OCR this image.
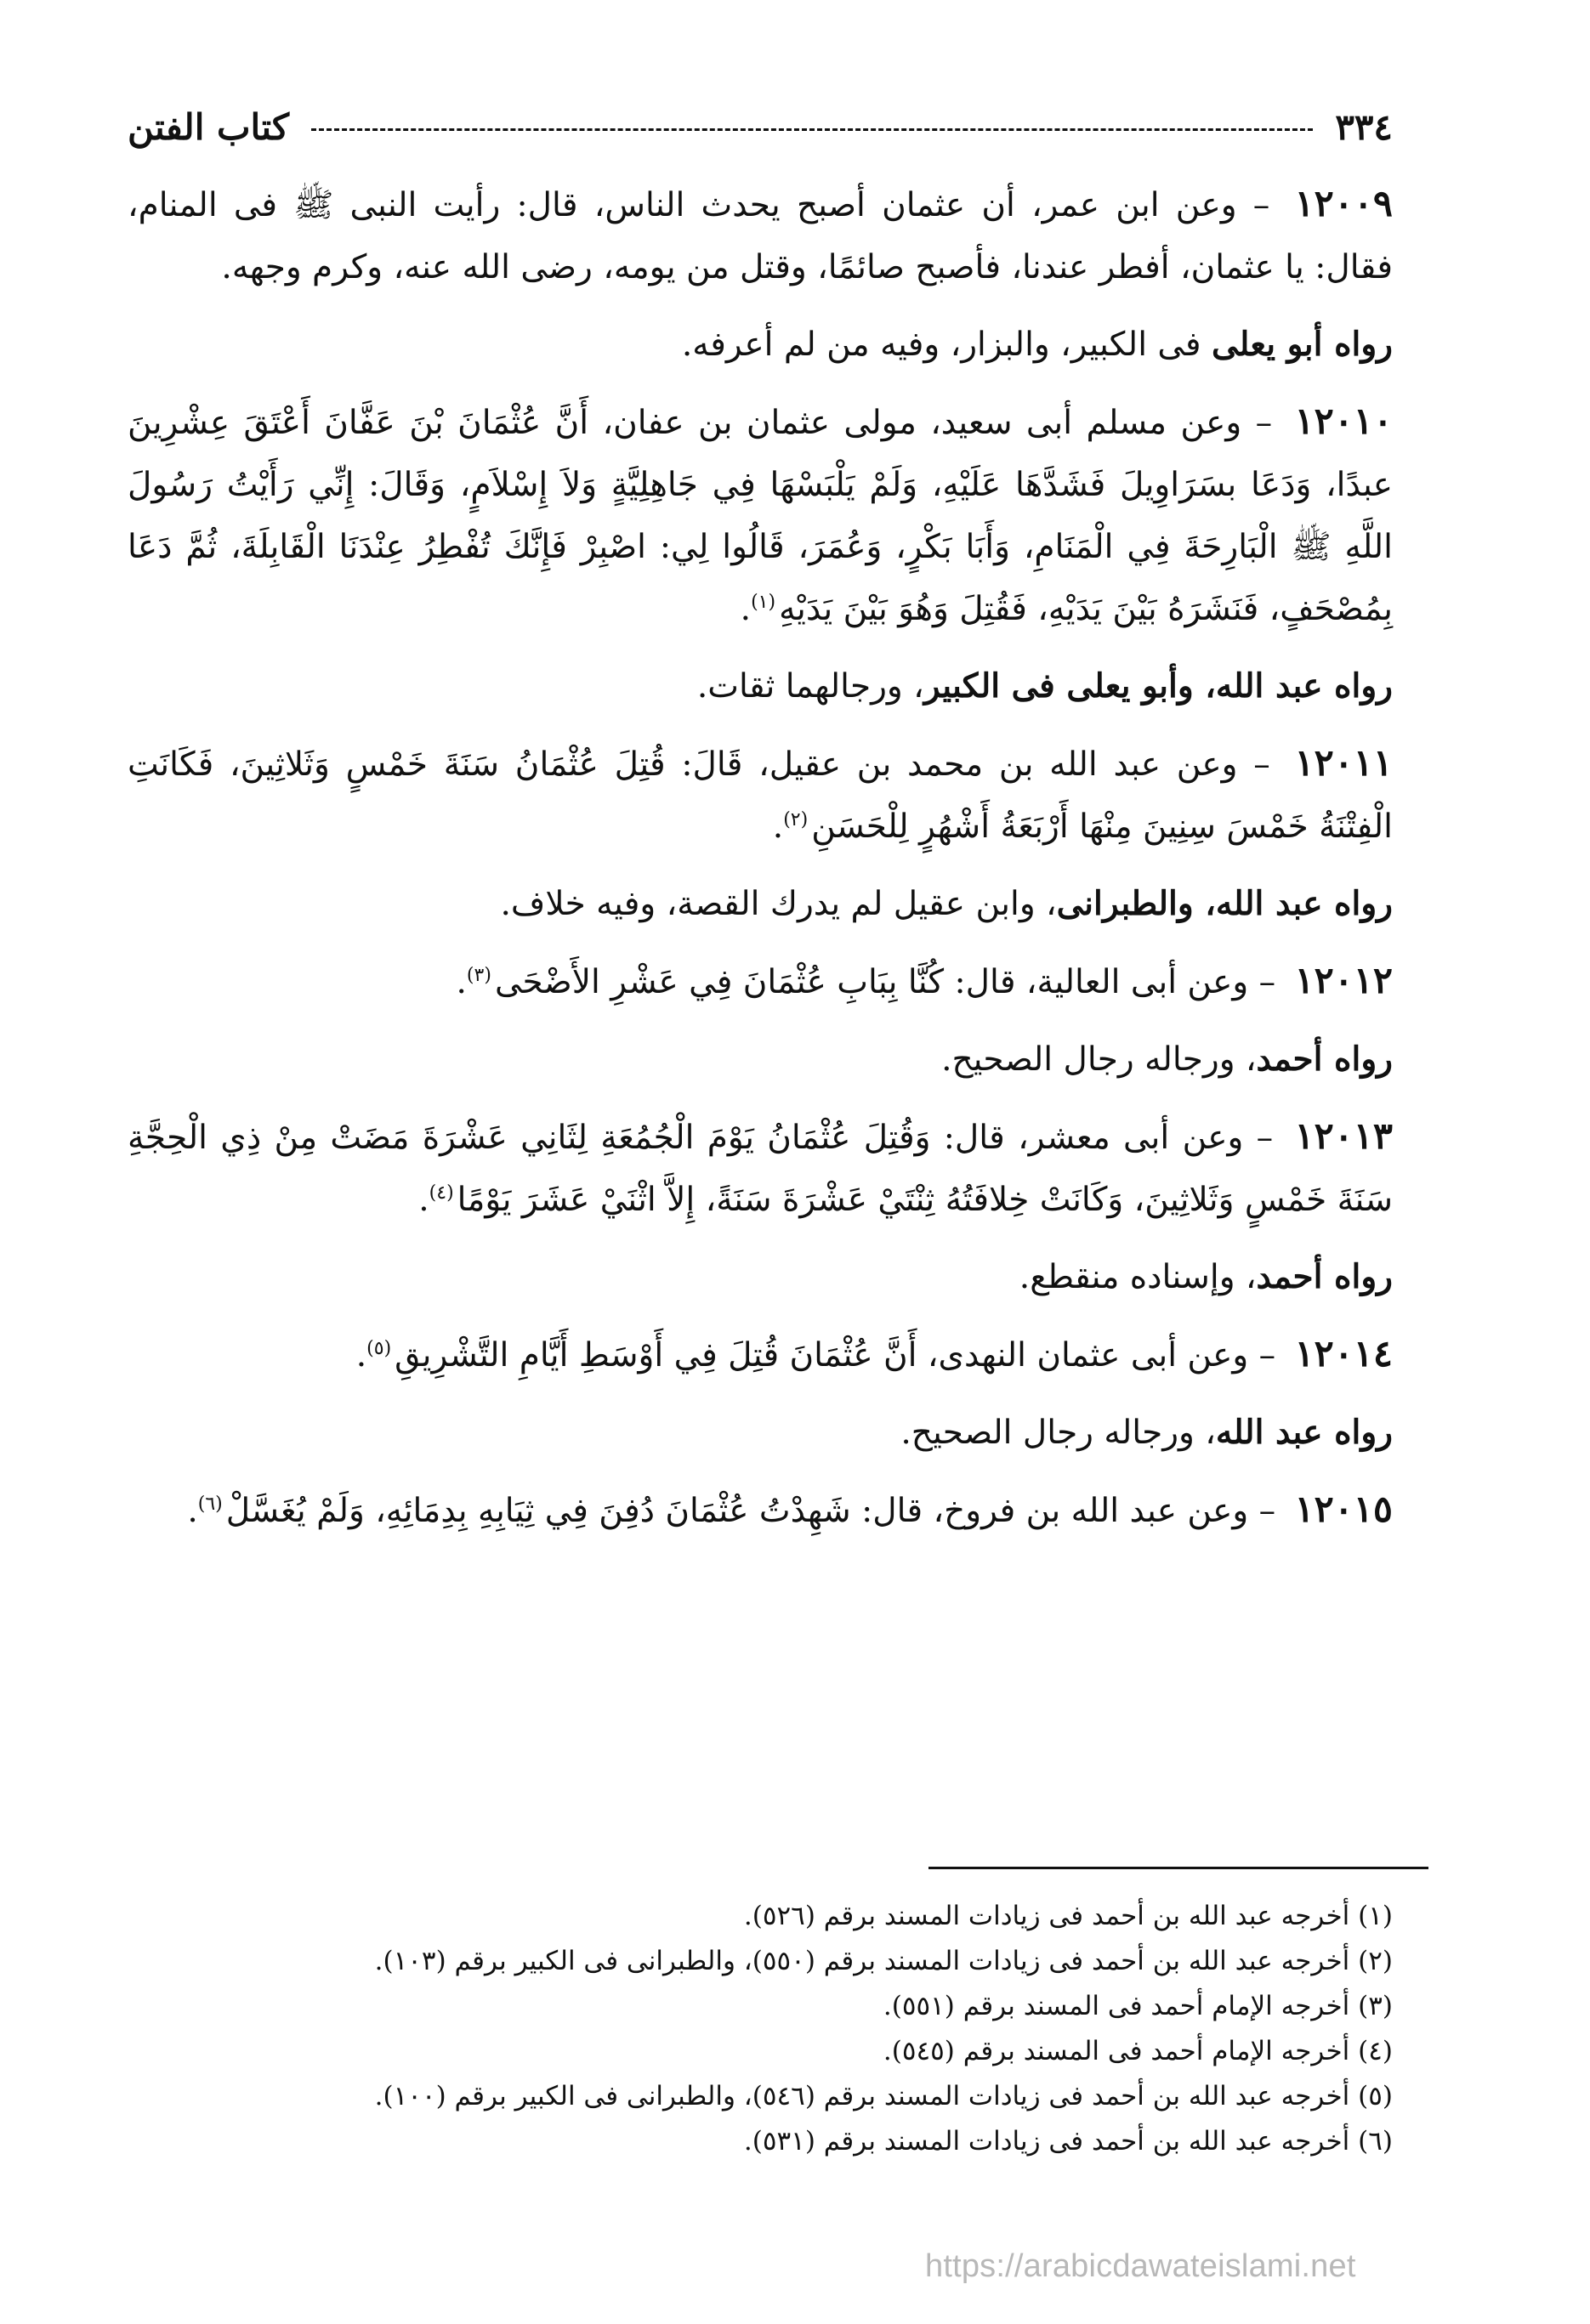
٣٣٤
كتاب الفتن

١٢٠٠٩ – وعن ابن عمر، أن عثمان أصبح يحدث الناس، قال: رأيت النبى ﷺ فى المنام، فقال: يا عثمان، أفطر عندنا، فأصبح صائمًا، وقتل من يومه، رضى الله عنه، وكرم وجهه.

رواه أبو يعلى فى الكبير، والبزار، وفيه من لم أعرفه.

١٢٠١٠ – وعن مسلم أبى سعيد، مولى عثمان بن عفان، أَنَّ عُثْمَانَ بْنَ عَفَّانَ أَعْتَقَ عِشْرِينَ عبدًا، وَدَعَا بسَرَاوِيلَ فَشَدَّهَا عَلَيْهِ، وَلَمْ يَلْبَسْهَا فِي جَاهِلِيَّةٍ وَلاَ إِسْلاَمٍ، وَقَالَ: إِنِّي رَأَيْتُ رَسُولَ اللَّهِ ﷺ الْبَارِحَةَ فِي الْمَنَامِ، وَأَبَا بَكْرٍ، وَعُمَرَ، قَالُوا لِي: اصْبِرْ فَإِنَّكَ تُفْطِرُ عِنْدَنَا الْقَابِلَةَ، ثُمَّ دَعَا بِمُصْحَفٍ، فَنَشَرَهُ بَيْنَ يَدَيْهِ، فَقُتِلَ وَهُوَ بَيْنَ يَدَيْهِ$^{(١)}$.

رواه عبد الله، وأبو يعلى فى الكبير، ورجالهما ثقات.

١٢٠١١ – وعن عبد الله بن محمد بن عقيل، قَالَ: قُتِلَ عُثْمَانُ سَنَةَ خَمْسٍ وَثَلاثِينَ، فَكَانَتِ الْفِتْنَةُ خَمْسَ سِنِينَ مِنْهَا أَرْبَعَةُ أَشْهُرٍ لِلْحَسَنِ$^{(٢)}$.

رواه عبد الله، والطبرانى، وابن عقيل لم يدرك القصة، وفيه خلاف.

١٢٠١٢ – وعن أبى العالية، قال: كُنَّا بِبَابِ عُثْمَانَ فِي عَشْرِ الأَضْحَى$^{(٣)}$.

رواه أحمد، ورجاله رجال الصحيح.

١٢٠١٣ – وعن أبى معشر، قال: وَقُتِلَ عُثْمَانُ يَوْمَ الْجُمُعَةِ لِثَانِي عَشْرَةَ مَضَتْ مِنْ ذِي الْحِجَّةِ سَنَةَ خَمْسٍ وَثَلاثِينَ، وَكَانَتْ خِلافَتُهُ ثِنْتَيْ عَشْرَةَ سَنَةً، إِلاَّ اثْنَيْ عَشَرَ يَوْمًا$^{(٤)}$.

رواه أحمد، وإسناده منقطع.

١٢٠١٤ – وعن أبى عثمان النهدى، أَنَّ عُثْمَانَ قُتِلَ فِي أَوْسَطِ أَيَّامِ التَّشْرِيقِ$^{(٥)}$.

رواه عبد الله، ورجاله رجال الصحيح.

١٢٠١٥ – وعن عبد الله بن فروخ، قال: شَهِدْتُ عُثْمَانَ دُفِنَ فِي ثِيَابِهِ بِدِمَائِهِ، وَلَمْ يُغَسَّلْ$^{(٦)}$.

(١) أخرجه عبد الله بن أحمد فى زيادات المسند برقم (٥٢٦).

(٢) أخرجه عبد الله بن أحمد فى زيادات المسند برقم (٥٥٠)، والطبرانى فى الكبير برقم (١٠٣).

(٣) أخرجه الإمام أحمد فى المسند برقم (٥٥١).

(٤) أخرجه الإمام أحمد فى المسند برقم (٥٤٥).

(٥) أخرجه عبد الله بن أحمد فى زيادات المسند برقم (٥٤٦)، والطبرانى فى الكبير برقم (١٠٠).

(٦) أخرجه عبد الله بن أحمد فى زيادات المسند برقم (٥٣١).

https://arabicdawateislami.net
